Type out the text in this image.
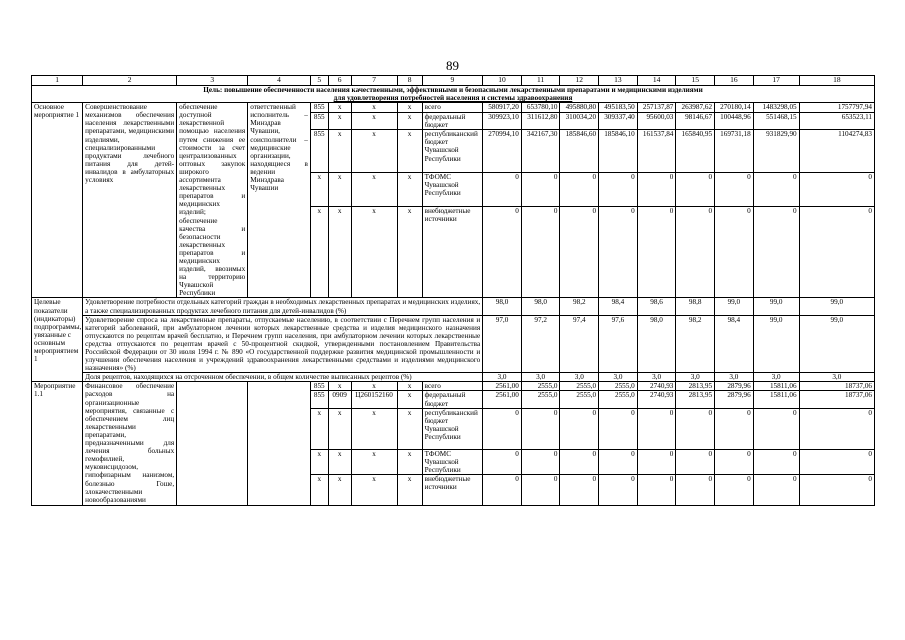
89
1	2	3	4	5	6	7	8	9	10	11	12	13	14	15	16	17	18

Цель: повышение обеспеченности населения качественными, эффективными и безопасными лекарственными препаратами и медицинскими изделиями
для удовлетворения потребностей населения и системы здравоохранения																	

Основное мероприятие 1	Совершенствование механизмов обеспечения населения лекарственными препаратами, медицинскими изделиями, специализированными продуктами лечебного питания для детей-инвалидов в амбулаторных условиях	обеспечение доступной лекарственной помощью населения путем снижения ее стоимости за счет централизованных оптовых закупок широкого ассортимента лекарственных препаратов и медицинских изделий; обеспечение качества и безопасности лекарственных препаратов и медицинских изделий, ввозимых на территорию Чувашской Республики	ответственный исполнитель – Минздрав Чувашии, соисполнители – медицинские организации, находящиеся в ведении Минздрава Чувашии	855	x	x	x	всего	580917,20	653780,10	495880,80	495183,50	257137,87	263987,62	270180,14	1483298,05	1757797,94
				855	x	x	x	федеральный бюджет	309923,10	311612,80	310034,20	309337,40	95600,03	98146,67	100448,96	551468,15	653523,11
				855	x	x	x	республиканский бюджет Чувашской Республики	270994,10	342167,30	185846,60	185846,10	161537,84	165840,95	169731,18	931829,90	1104274,83
				x	x	x	x	ТФОМС Чувашской Республики	0	0	0	0	0	0	0	0	0
				x	x	x	x	внебюджетные источники	0	0	0	0	0	0	0	0	0
Целевые показатели (индикаторы) подпрограммы, увязанные с основным мероприятием 1	Удовлетворение потребности отдельных категорий граждан в необходимых лекарственных препаратах и медицинских изделиях, а также специализированных продуктах лечебного питания для детей-инвалидов (%)								98,0	98,0	98,2	98,4	98,6	98,8	99,0	99,0	99,0
	Удовлетворение спроса на лекарственные препараты, отпускаемые населению, в соответствии с Перечнем групп населения и категорий заболеваний, при амбулаторном лечении которых лекарственные средства и изделия медицинского назначения отпускаются по рецептам врачей бесплатно, и Перечнем групп населения, при амбулаторном лечении которых лекарственные средства отпускаются по рецептам врачей с 50-процентной скидкой, утвержденными постановлением Правительства Российской Федерации от 30 июля 1994 г. № 890 «О государственной поддержке развития медицинской промышленности и улучшении обеспечения населения и учреждений здравоохранения лекарственными средствами и изделиями медицинского назначения» (%)								97,0	97,2	97,4	97,6	98,0	98,2	98,4	99,0	99,0
	Доля рецептов, находящихся на отсроченном обеспечении, в общем количестве выписанных рецептов (%)								3,0	3,0	3,0	3,0	3,0	3,0	3,0	3,0	3,0
Мероприятие 1.1	Финансовое обеспечение расходов на организационные мероприятия, связанные с обеспечением лиц лекарственными препаратами, предназначенными для лечения больных гемофилией, муковисцидозом, гипофизарным нанизмом, болезнью Гоше, злокачественными новообразованиями			855	x	x	x	всего	2561,00	2555,0	2555,0	2555,0	2740,93	2813,95	2879,96	15811,06	18737,06
				855	0909	Ц260152160	x	федеральный бюджет	2561,00	2555,0	2555,0	2555,0	2740,93	2813,95	2879,96	15811,06	18737,06
				x	x	x	x	республиканский бюджет Чувашской Республики	0	0	0	0	0	0	0	0	0
				x	x	x	x	ТФОМС Чувашской Республики	0	0	0	0	0	0	0	0	0
				x	x	x	x	внебюджетные источники	0	0	0	0	0	0	0	0	0
